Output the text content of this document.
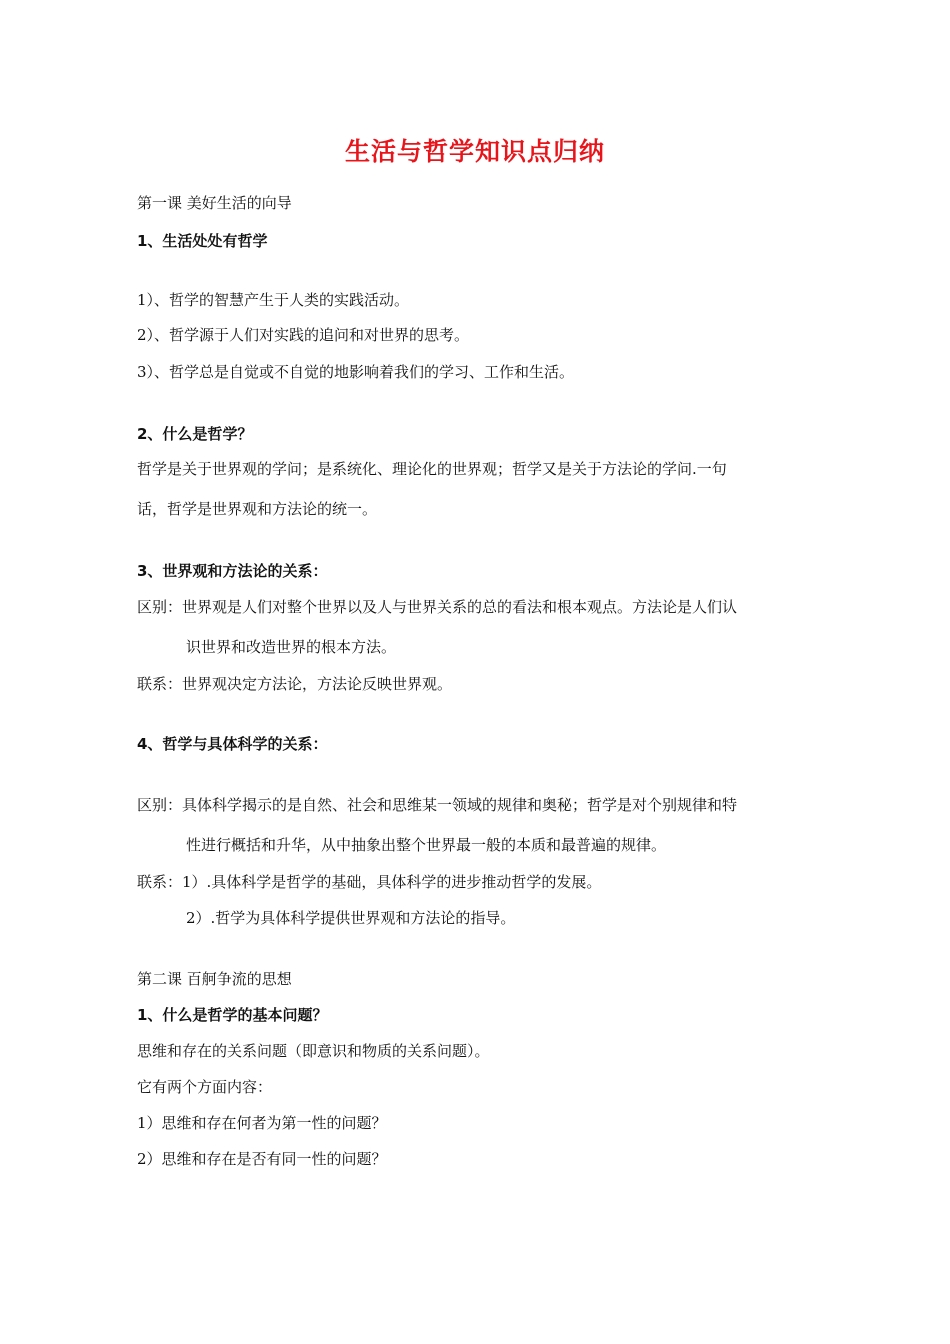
生活与哲学知识点归纳
第一课 美好生活的向导
1、生活处处有哲学
1）、哲学的智慧产生于人类的实践活动。
2）、哲学源于人们对实践的追问和对世界的思考。
3）、哲学总是自觉或不自觉的地影响着我们的学习、工作和生活。
2、什么是哲学？
哲学是关于世界观的学问；是系统化、理论化的世界观；哲学又是关于方法论的学问.一句
话，哲学是世界观和方法论的统一。
3、世界观和方法论的关系：
区别：世界观是人们对整个世界以及人与世界关系的总的看法和根本观点。方法论是人们认
识世界和改造世界的根本方法。
联系：世界观决定方法论，方法论反映世界观。
4、哲学与具体科学的关系：
区别：具体科学揭示的是自然、社会和思维某一领域的规律和奥秘；哲学是对个别规律和特
性进行概括和升华，从中抽象出整个世界最一般的本质和最普遍的规律。
联系：1）.具体科学是哲学的基础，具体科学的进步推动哲学的发展。
2）.哲学为具体科学提供世界观和方法论的指导。
第二课 百舸争流的思想
1、什么是哲学的基本问题？
思维和存在的关系问题（即意识和物质的关系问题）。
它有两个方面内容：
1）思维和存在何者为第一性的问题？
2）思维和存在是否有同一性的问题？
